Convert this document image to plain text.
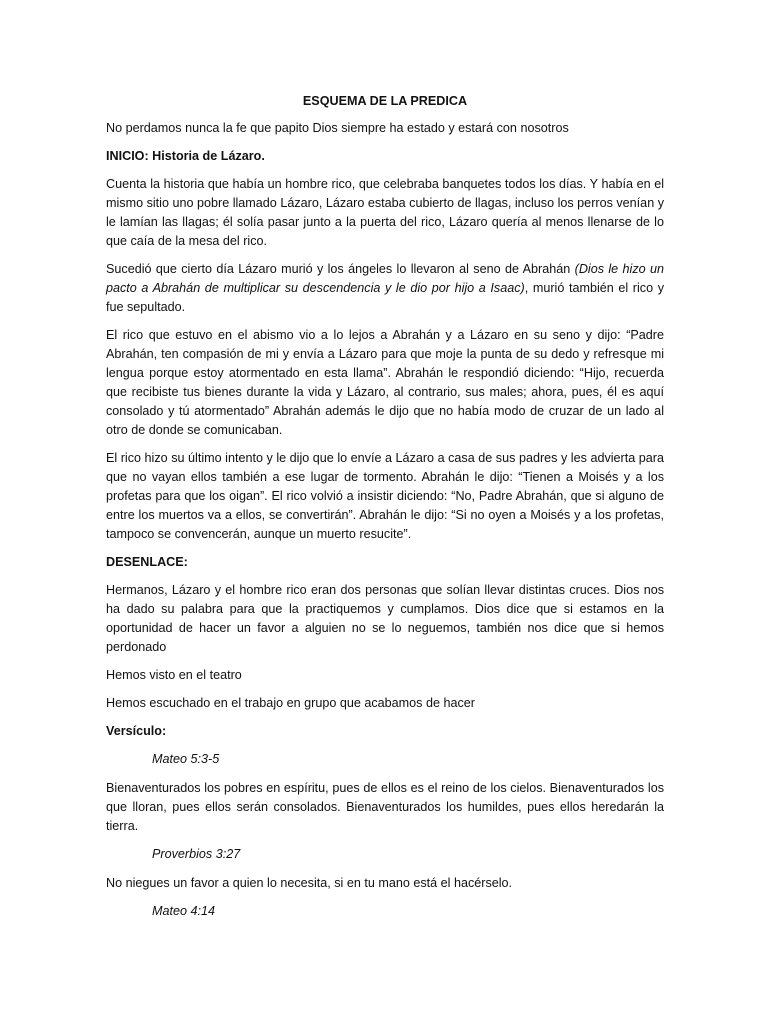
ESQUEMA DE LA PREDICA

No perdamos nunca la fe que papito Dios siempre ha estado y estará con nosotros

INICIO: Historia de Lázaro.

Cuenta la historia que había un hombre rico, que celebraba banquetes todos los días. Y había en el mismo sitio uno pobre llamado Lázaro, Lázaro estaba cubierto de llagas, incluso los perros venían y le lamían las llagas; él solía pasar junto a la puerta del rico, Lázaro quería al menos llenarse de lo que caía de la mesa del rico.

Sucedió que cierto día Lázaro murió y los ángeles lo llevaron al seno de Abrahán (Dios le hizo un pacto a Abrahán de multiplicar su descendencia y le dio por hijo a Isaac), murió también el rico y fue sepultado.

El rico que estuvo en el abismo vio a lo lejos a Abrahán y a Lázaro en su seno y dijo: “Padre Abrahán, ten compasión de mi y envía a Lázaro para que moje la punta de su dedo y refresque mi lengua porque estoy atormentado en esta llama”. Abrahán le respondió diciendo: “Hijo, recuerda que recibiste tus bienes durante la vida y Lázaro, al contrario, sus males; ahora, pues, él es aquí consolado y tú atormentado” Abrahán además le dijo que no había modo de cruzar de un lado al otro de donde se comunicaban.

El rico hizo su último intento y le dijo que lo envíe a Lázaro a casa de sus padres y les advierta para que no vayan ellos también a ese lugar de tormento. Abrahán le dijo: “Tienen a Moisés y a los profetas para que los oigan”. El rico volvió a insistir diciendo: “No, Padre Abrahán, que si alguno de entre los muertos va a ellos, se convertirán”. Abrahán le dijo: “Si no oyen a Moisés y a los profetas, tampoco se convencerán, aunque un muerto resucite”.

DESENLACE:

Hermanos, Lázaro y el hombre rico eran dos personas que solían llevar distintas cruces. Dios nos ha dado su palabra para que la practiquemos y cumplamos. Dios dice que si estamos en la oportunidad de hacer un favor a alguien no se lo neguemos, también nos dice que si hemos perdonado

Hemos visto en el teatro

Hemos escuchado en el trabajo en grupo que acabamos de hacer

Versículo:

Mateo 5:3-5

Bienaventurados los pobres en espíritu, pues de ellos es el reino de los cielos. Bienaventurados los que lloran, pues ellos serán consolados. Bienaventurados los humildes, pues ellos heredarán la tierra.

Proverbios 3:27

No niegues un favor a quien lo necesita, si en tu mano está el hacérselo.

Mateo 4:14
